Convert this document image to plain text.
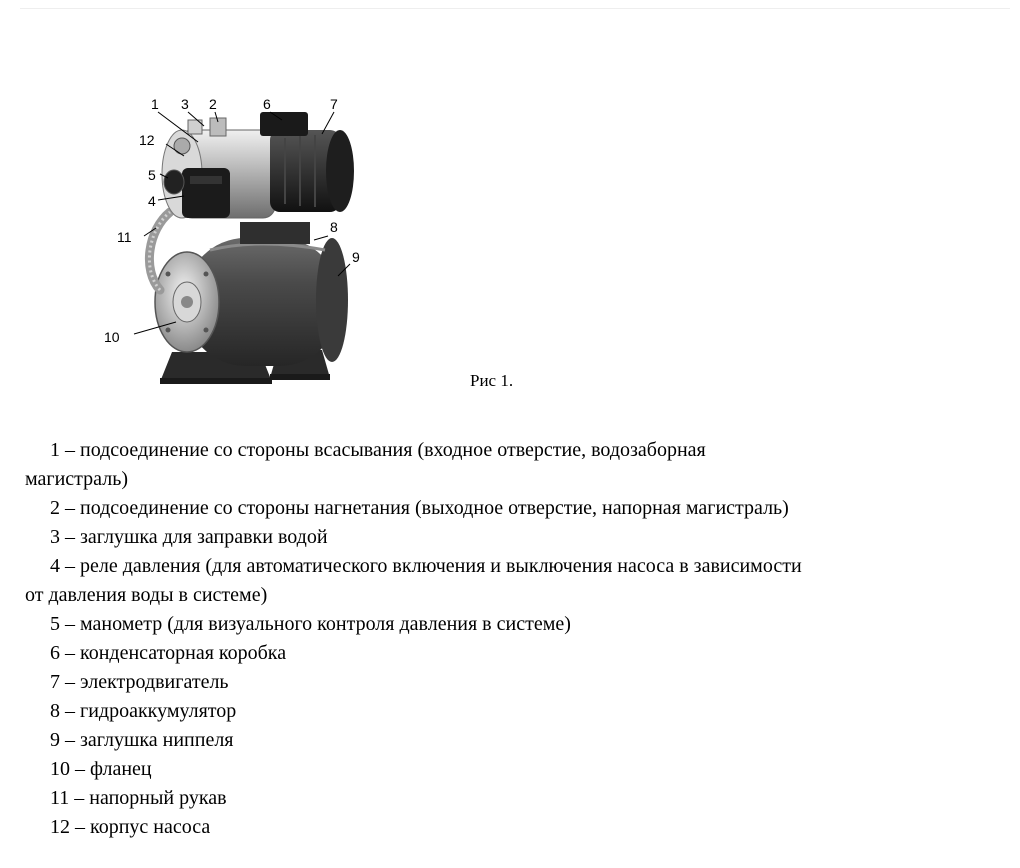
1 3 2	6	7
12
5
4
11
8
9
10
Рис 1.
1 – подсоединение со стороны всасывания (входное отверстие, водозаборная
магистраль)
2 – подсоединение со стороны нагнетания (выходное отверстие, напорная магистраль)
3 – заглушка для заправки водой
4 – реле давления (для автоматического включения и выключения насоса в зависимости
от давления воды в системе)
5 – манометр (для визуального контроля давления в системе)
6 – конденсаторная коробка
7 – электродвигатель
8 – гидроаккумулятор
9 – заглушка ниппеля
10 – фланец
11 – напорный рукав
12 – корпус насоса
